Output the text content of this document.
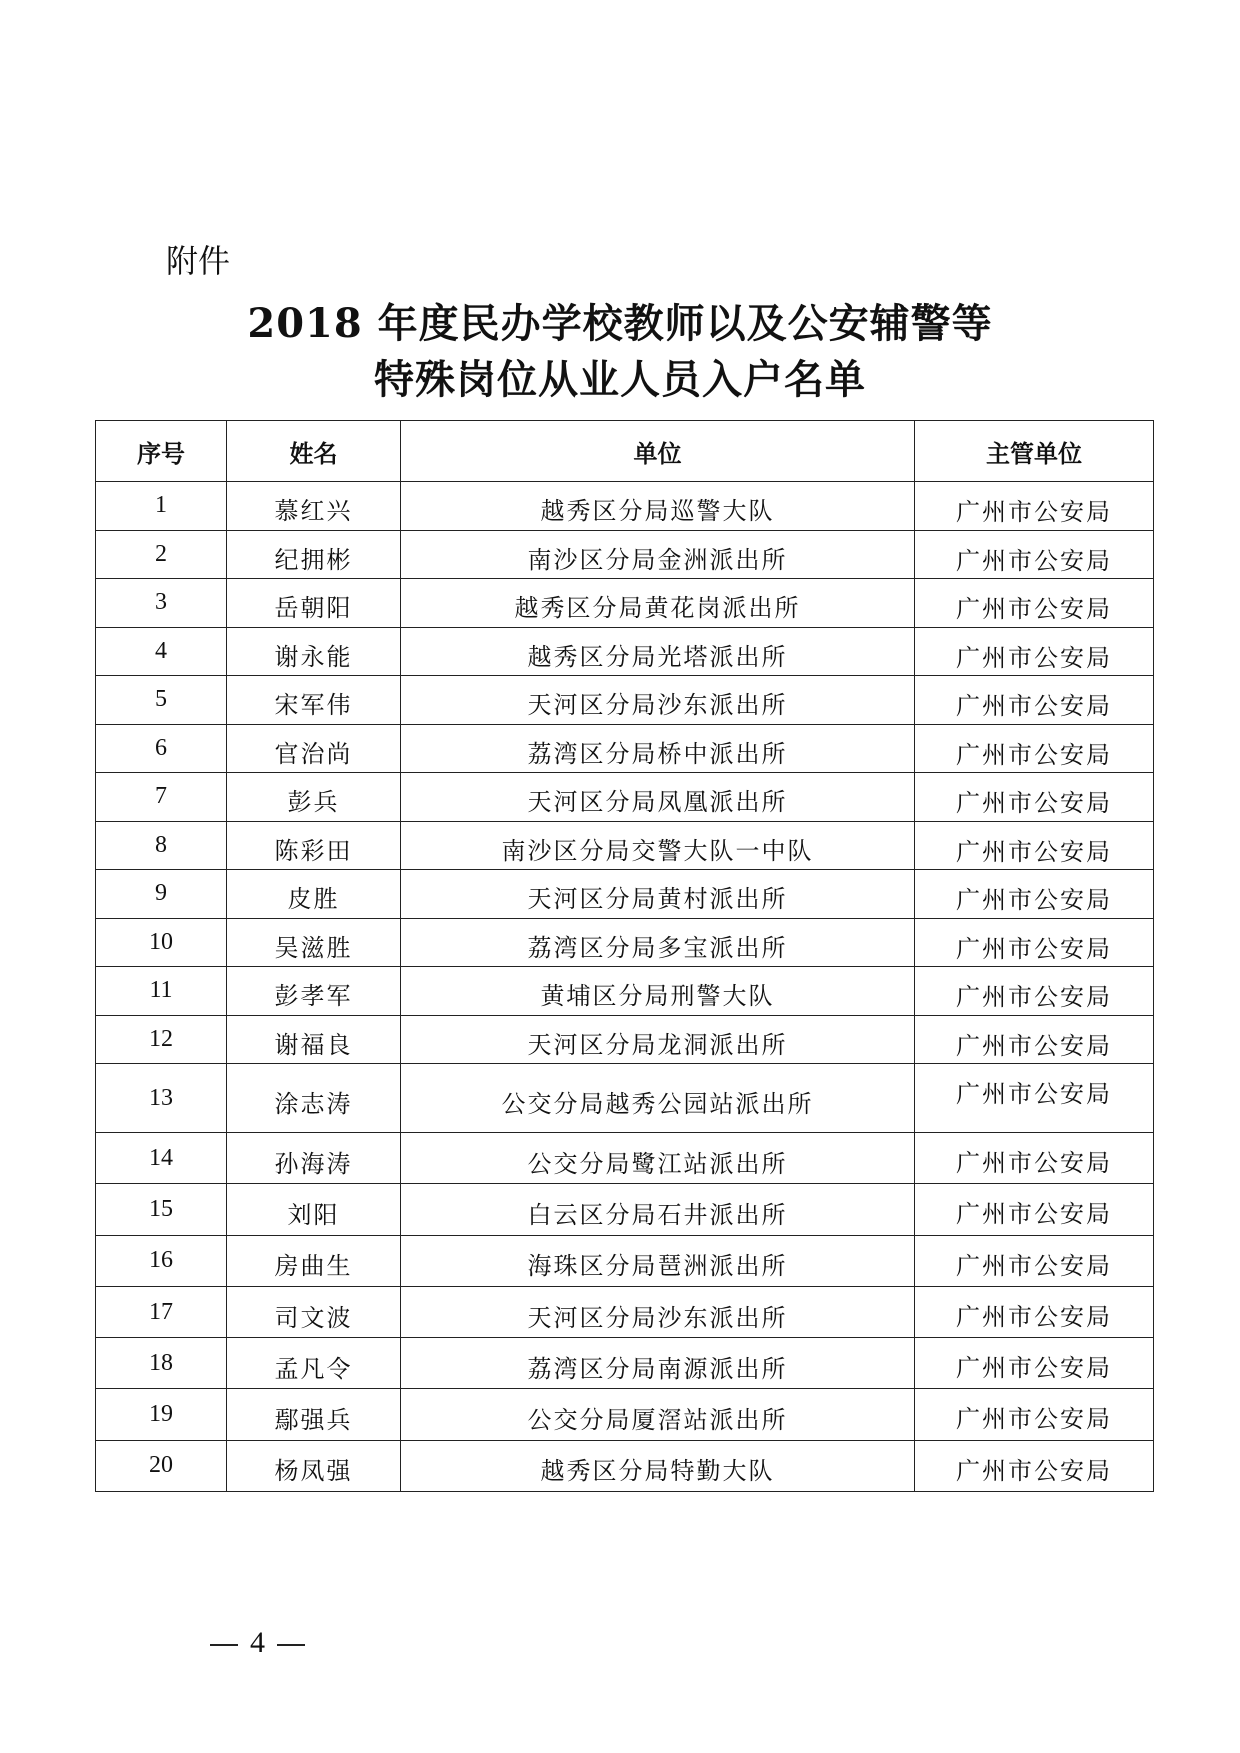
附件
2018 年度民办学校教师以及公安辅警等
特殊岗位从业人员入户名单
序号	姓名	单位	主管单位
1	慕红兴	越秀区分局巡警大队	广州市公安局
2	纪拥彬	南沙区分局金洲派出所	广州市公安局
3	岳朝阳	越秀区分局黄花岗派出所	广州市公安局
4	谢永能	越秀区分局光塔派出所	广州市公安局
5	宋军伟	天河区分局沙东派出所	广州市公安局
6	官治尚	荔湾区分局桥中派出所	广州市公安局
7	彭兵	天河区分局凤凰派出所	广州市公安局
8	陈彩田	南沙区分局交警大队一中队	广州市公安局
9	皮胜	天河区分局黄村派出所	广州市公安局
10	吴滋胜	荔湾区分局多宝派出所	广州市公安局
11	彭孝军	黄埔区分局刑警大队	广州市公安局
12	谢福良	天河区分局龙洞派出所	广州市公安局
13	涂志涛	公交分局越秀公园站派出所	广州市公安局
14	孙海涛	公交分局鹭江站派出所	广州市公安局
15	刘阳	白云区分局石井派出所	广州市公安局
16	房曲生	海珠区分局琶洲派出所	广州市公安局
17	司文波	天河区分局沙东派出所	广州市公安局
18	孟凡令	荔湾区分局南源派出所	广州市公安局
19	鄢强兵	公交分局厦滘站派出所	广州市公安局
20	杨凤强	越秀区分局特勤大队	广州市公安局
4
